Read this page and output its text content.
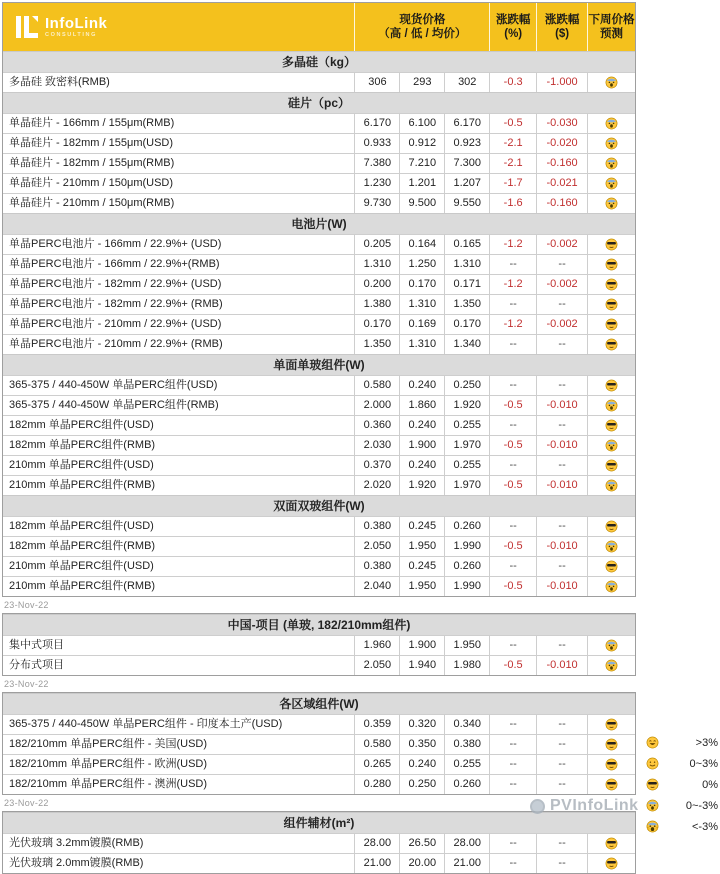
InfoLink
CONSULTING
现货价格
（高 / 低 / 均价）
涨跌幅
(%)
涨跌幅
($)
下周价格
预测
多晶硅（kg）
多晶硅 致密料(RMB)	306	293	302	-0.3	-1.000
硅片（pc）
单晶硅片 - 166mm / 155μm(RMB)	6.170	6.100	6.170	-0.5	-0.030
单晶硅片 - 182mm / 155μm(USD)	0.933	0.912	0.923	-2.1	-0.020
单晶硅片 - 182mm / 155μm(RMB)	7.380	7.210	7.300	-2.1	-0.160
单晶硅片 - 210mm / 150μm(USD)	1.230	1.201	1.207	-1.7	-0.021
单晶硅片 - 210mm / 150μm(RMB)	9.730	9.500	9.550	-1.6	-0.160
电池片(W)
单晶PERC电池片 - 166mm / 22.9%+ (USD)	0.205	0.164	0.165	-1.2	-0.002
单晶PERC电池片 - 166mm / 22.9%+(RMB)	1.310	1.250	1.310	--	--
单晶PERC电池片 - 182mm / 22.9%+ (USD)	0.200	0.170	0.171	-1.2	-0.002
单晶PERC电池片 - 182mm / 22.9%+ (RMB)	1.380	1.310	1.350	--	--
单晶PERC电池片 - 210mm / 22.9%+ (USD)	0.170	0.169	0.170	-1.2	-0.002
单晶PERC电池片 - 210mm / 22.9%+ (RMB)	1.350	1.310	1.340	--	--
单面单玻组件(W)
365-375 / 440-450W 单晶PERC组件(USD)	0.580	0.240	0.250	--	--
365-375 / 440-450W 单晶PERC组件(RMB)	2.000	1.860	1.920	-0.5	-0.010
182mm 单晶PERC组件(USD)	0.360	0.240	0.255	--	--
182mm 单晶PERC组件(RMB)	2.030	1.900	1.970	-0.5	-0.010
210mm 单晶PERC组件(USD)	0.370	0.240	0.255	--	--
210mm 单晶PERC组件(RMB)	2.020	1.920	1.970	-0.5	-0.010
双面双玻组件(W)
182mm 单晶PERC组件(USD)	0.380	0.245	0.260	--	--
182mm 单晶PERC组件(RMB)	2.050	1.950	1.990	-0.5	-0.010
210mm 单晶PERC组件(USD)	0.380	0.245	0.260	--	--
210mm 单晶PERC组件(RMB)	2.040	1.950	1.990	-0.5	-0.010
23-Nov-22
中国-项目 (单玻, 182/210mm组件)
集中式项目	1.960	1.900	1.950	--	--
分布式项目	2.050	1.940	1.980	-0.5	-0.010
23-Nov-22
各区域组件(W)
365-375 / 440-450W 单晶PERC组件 - 印度本土产(USD)	0.359	0.320	0.340	--	--
182/210mm 单晶PERC组件 - 美国(USD)	0.580	0.350	0.380	--	--
182/210mm 单晶PERC组件 - 欧洲(USD)	0.265	0.240	0.255	--	--
182/210mm 单晶PERC组件 - 澳洲(USD)	0.280	0.250	0.260	--	--
23-Nov-22
组件辅材(m²)
光伏玻璃 3.2mm镀膜(RMB)	28.00	26.50	28.00	--	--
光伏玻璃 2.0mm镀膜(RMB)	21.00	20.00	21.00	--	--
>3%
0~3%
0%
0~-3%
<-3%
PVInfoLink
